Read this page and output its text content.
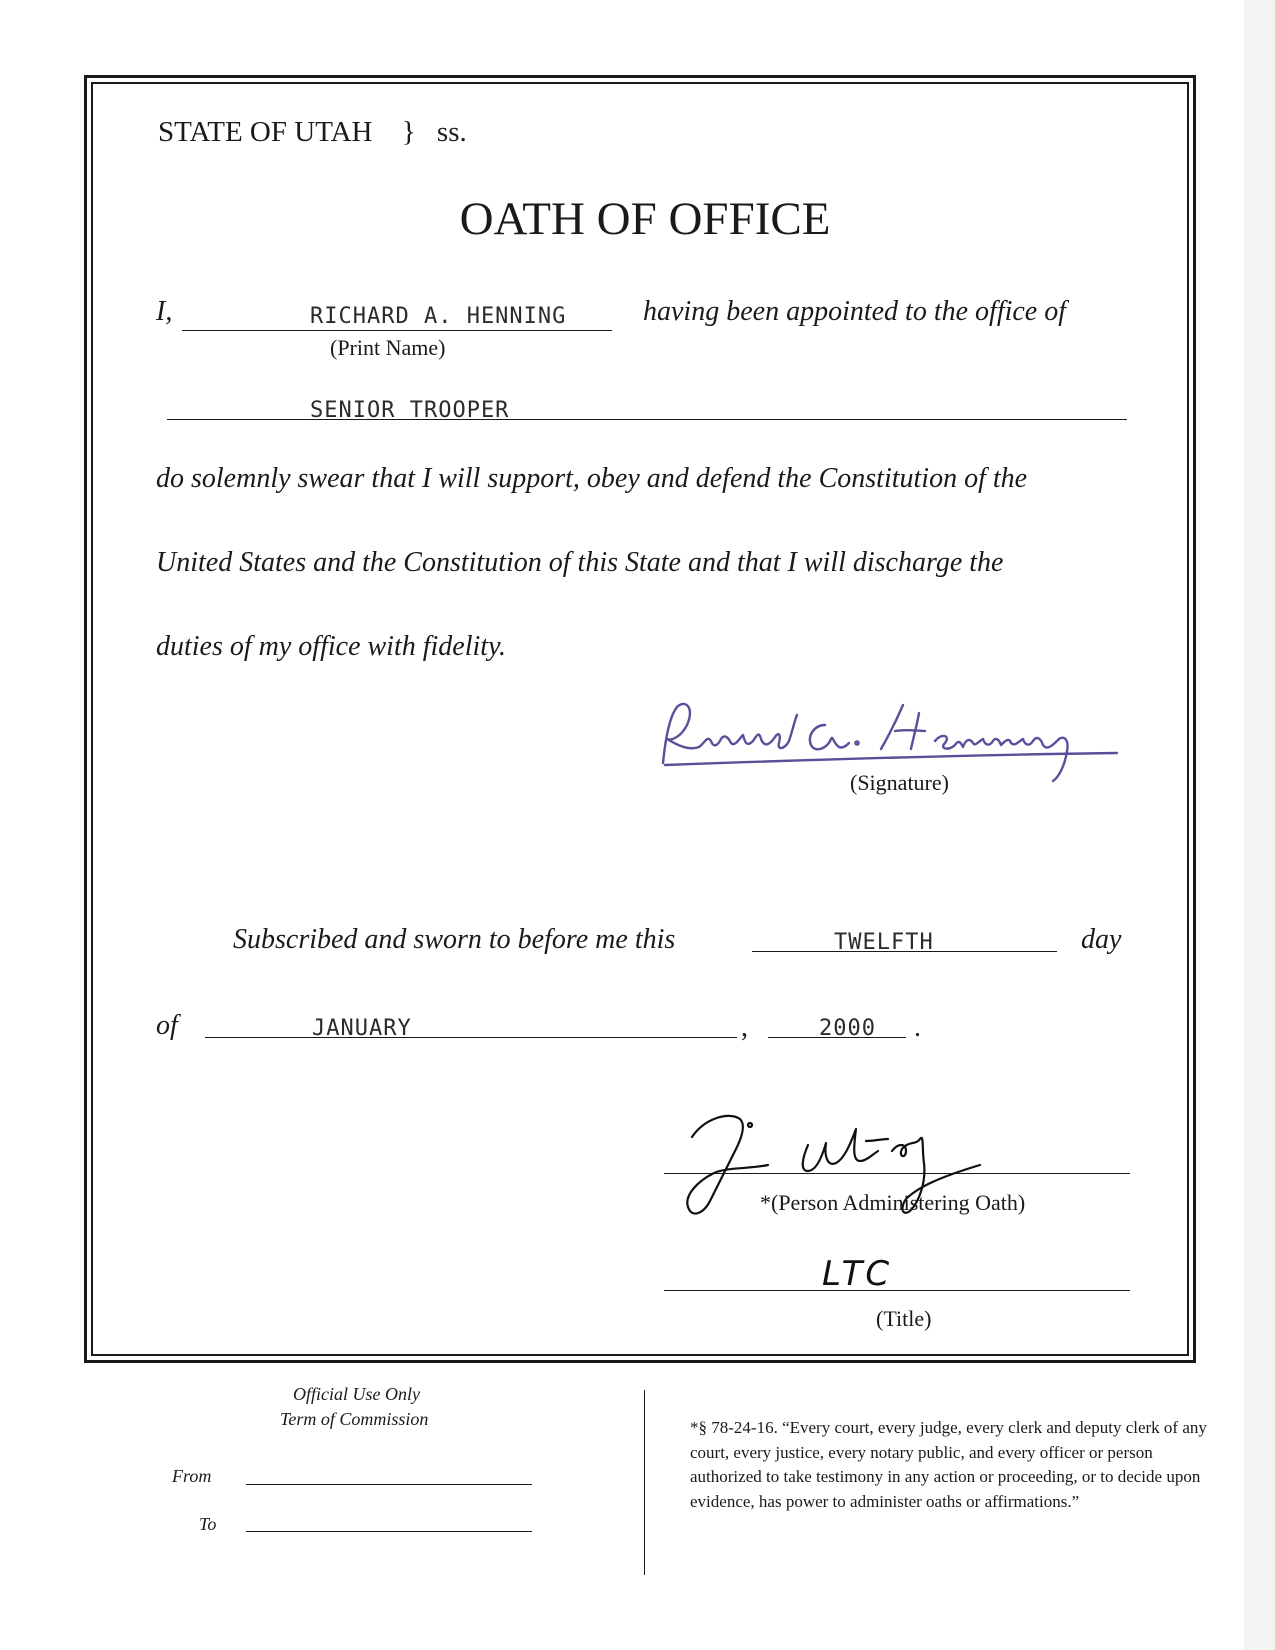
STATE OF UTAH } ss.
OATH OF OFFICE
I,	RICHARD A. HENNING
(Print Name)
having been appointed to the office of
SENIOR TROOPER
do solemnly swear that I will support, obey and defend the Constitution of the
United States and the Constitution of this State and that I will discharge the
duties of my office with fidelity.
(Signature)
Subscribed and sworn to before me this	TWELFTH	day
of	JANUARY	,	2000 .
*(Person Administering Oath)
LTC
(Title)
Official Use Only
Term of Commission
From
To
*§ 78-24-16. “Every court, every judge, every clerk and deputy clerk of any court, every justice, every notary public, and every officer or person authorized to take testimony in any action or proceeding, or to decide upon evidence, has power to administer oaths or affirmations.”
